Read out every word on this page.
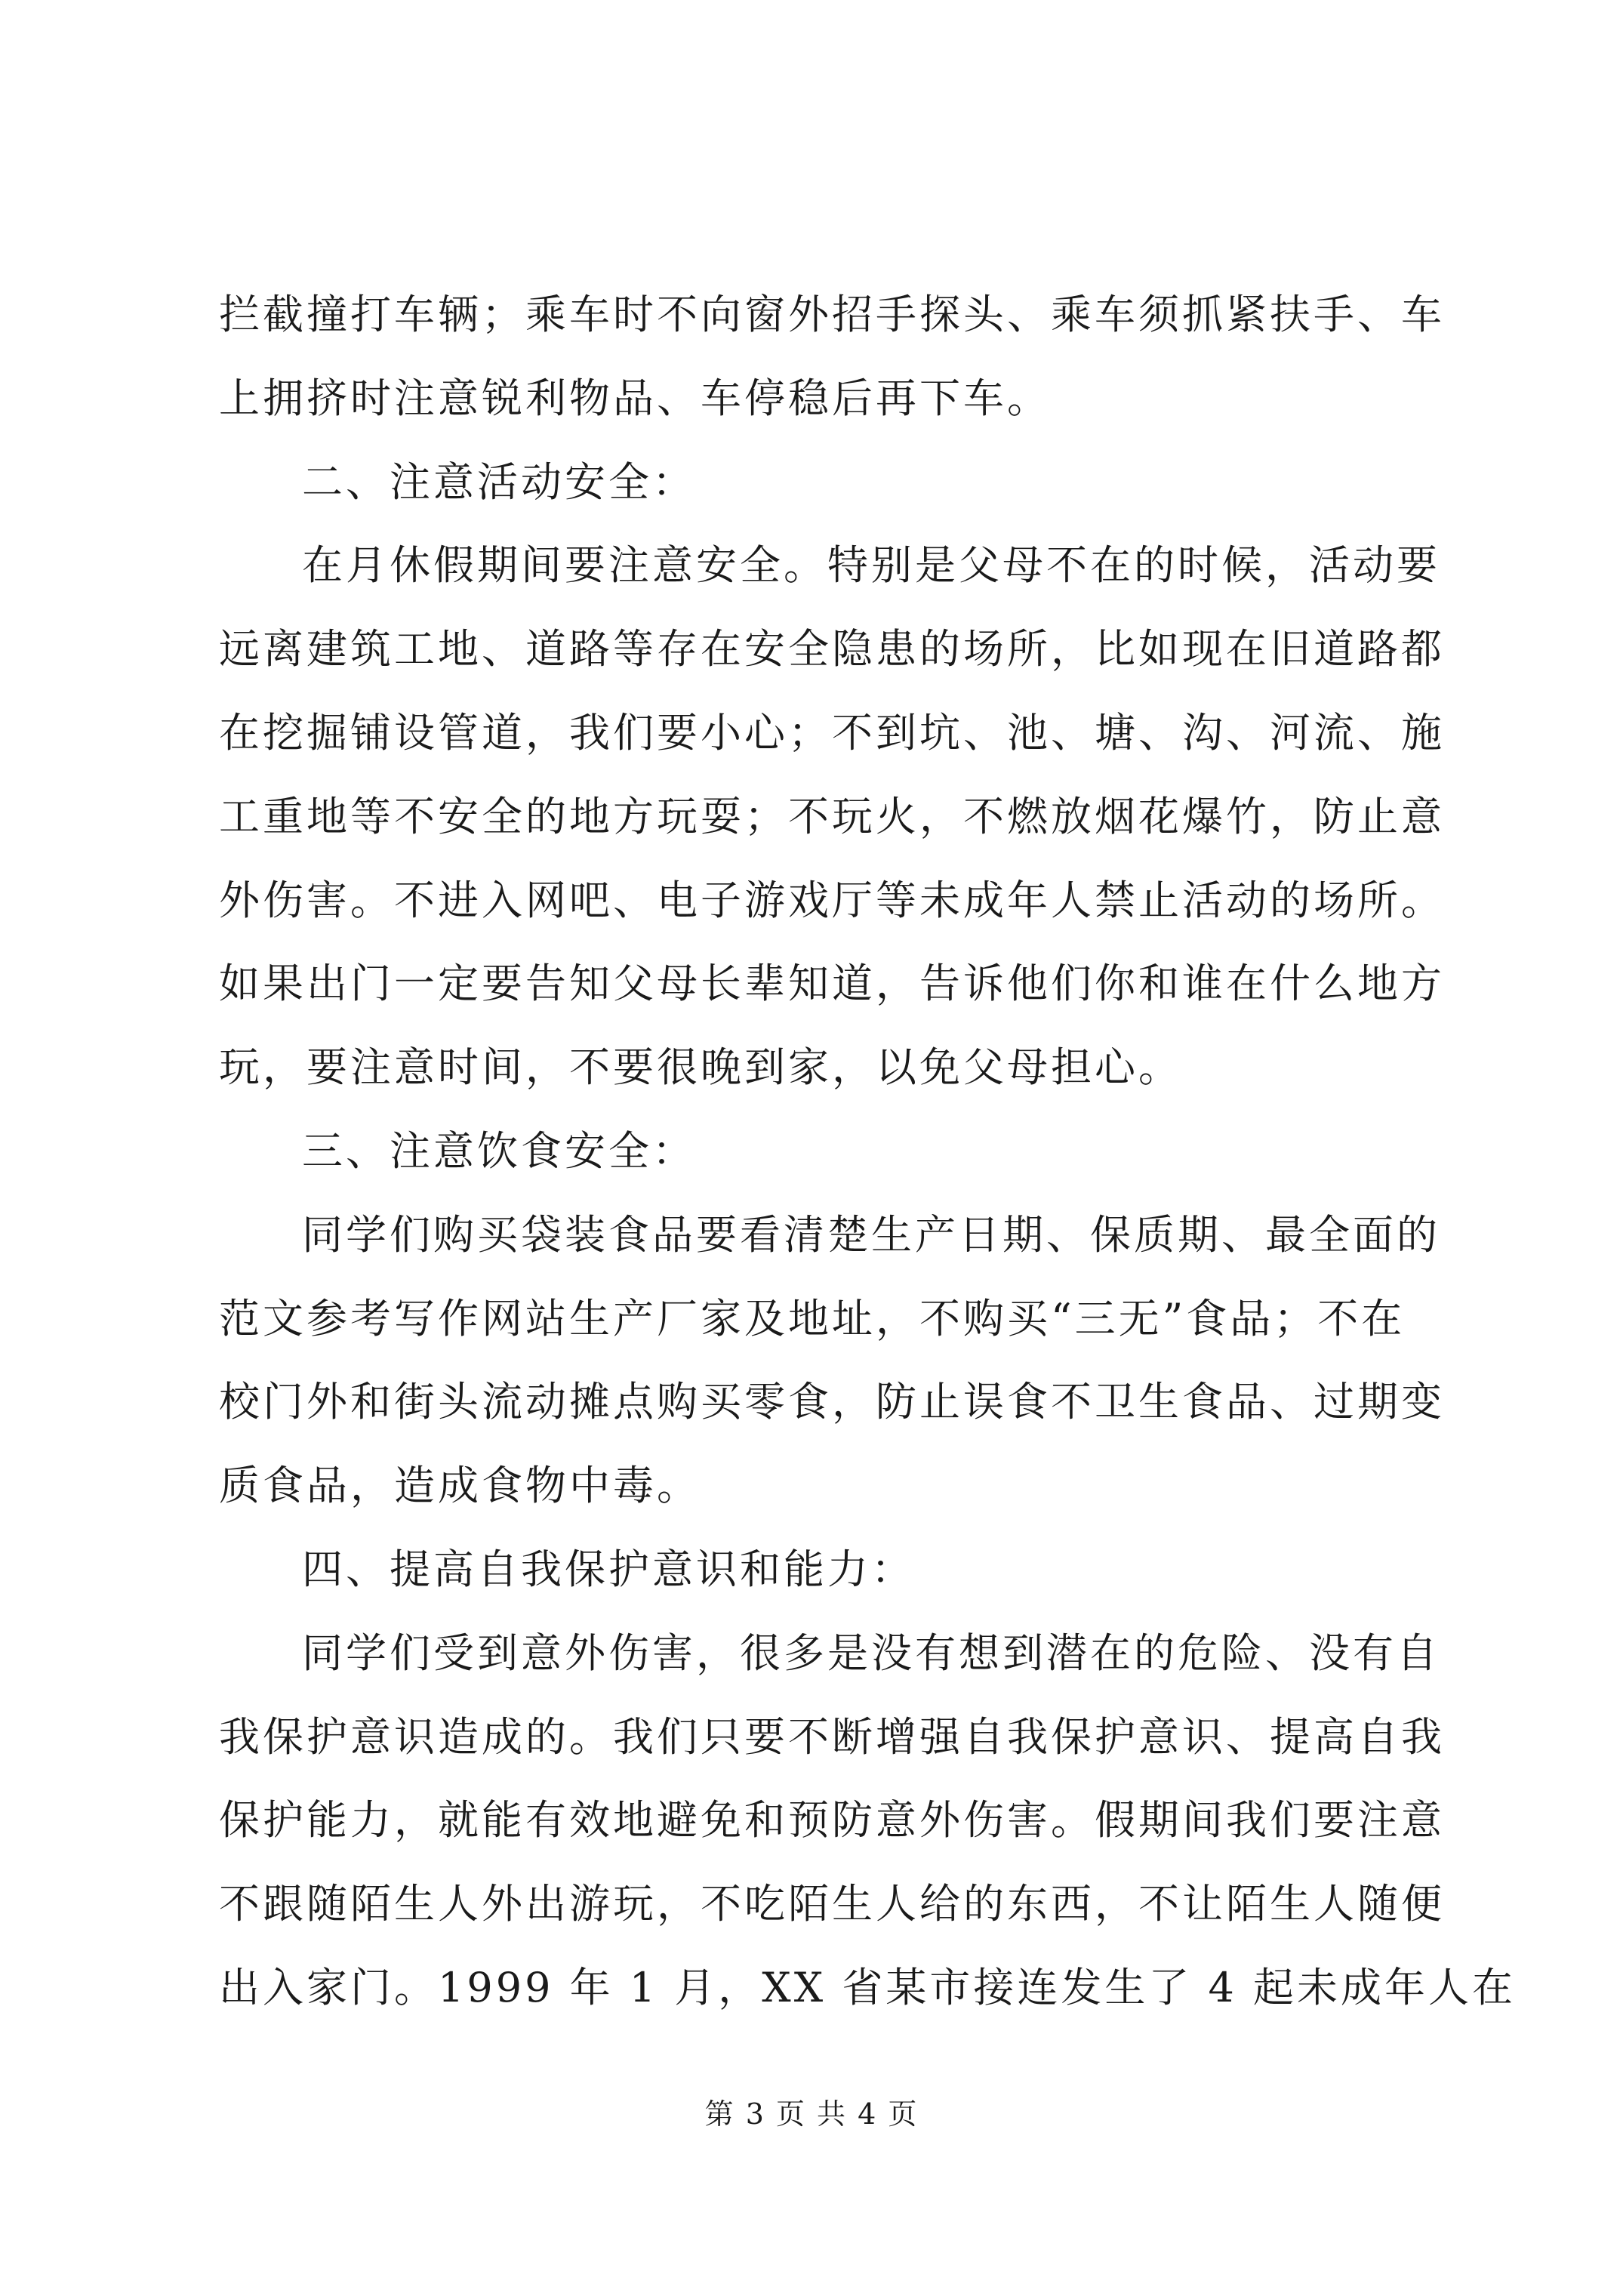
拦截撞打车辆；乘车时不向窗外招手探头、乘车须抓紧扶手、车
上拥挤时注意锐利物品、车停稳后再下车。
二、注意活动安全：
在月休假期间要注意安全。特别是父母不在的时候，活动要
远离建筑工地、道路等存在安全隐患的场所，比如现在旧道路都
在挖掘铺设管道，我们要小心；不到坑、池、塘、沟、河流、施
工重地等不安全的地方玩耍；不玩火，不燃放烟花爆竹，防止意
外伤害。不进入网吧、电子游戏厅等未成年人禁止活动的场所。
如果出门一定要告知父母长辈知道，告诉他们你和谁在什么地方
玩，要注意时间，不要很晚到家，以免父母担心。
三、注意饮食安全：
同学们购买袋装食品要看清楚生产日期、保质期、最全面的
范文参考写作网站生产厂家及地址，不购买“三无”食品；不在
校门外和街头流动摊点购买零食，防止误食不卫生食品、过期变
质食品，造成食物中毒。
四、提高自我保护意识和能力：
同学们受到意外伤害，很多是没有想到潜在的危险、没有自
我保护意识造成的。我们只要不断增强自我保护意识、提高自我
保护能力，就能有效地避免和预防意外伤害。假期间我们要注意
不跟随陌生人外出游玩，不吃陌生人给的东西，不让陌生人随便
出入家门。1999 年 1 月，XX 省某市接连发生了 4 起未成年人在
第 3 页 共 4 页
